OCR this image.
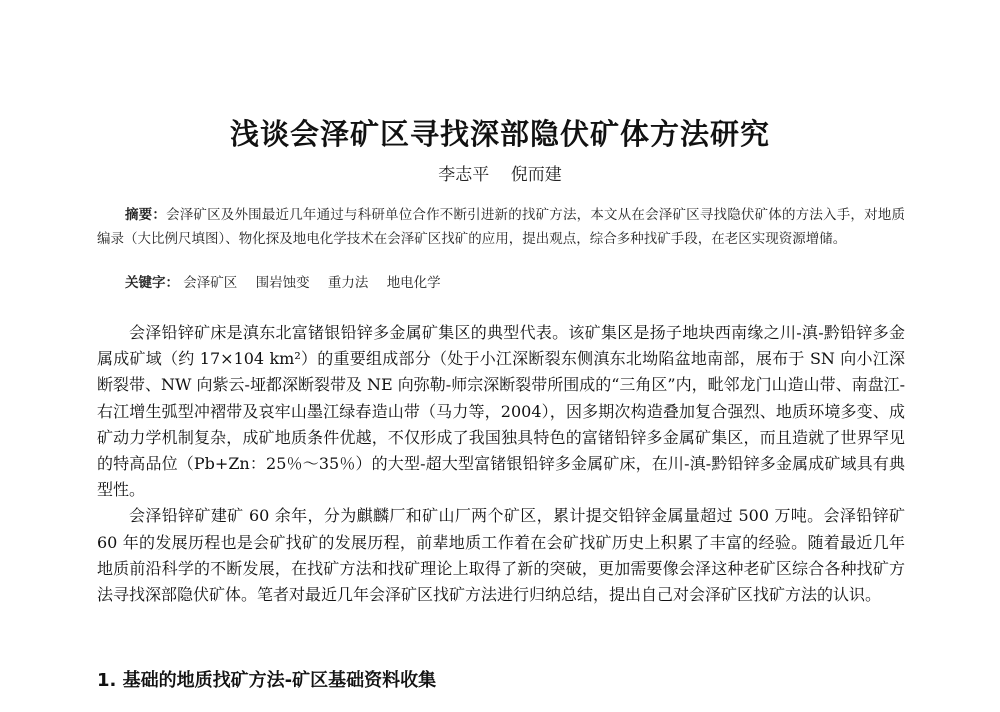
浅谈会泽矿区寻找深部隐伏矿体方法研究
李志平 倪而建
摘要：会泽矿区及外围最近几年通过与科研单位合作不断引进新的找矿方法，本文从在会泽矿区寻找隐伏矿体的方法入手，对地质编录（大比例尺填图）、物化探及地电化学技术在会泽矿区找矿的应用，提出观点，综合多种找矿手段，在老区实现资源增储。
关键字： 会泽矿区 围岩蚀变 重力法 地电化学

会泽铅锌矿床是滇东北富锗银铅锌多金属矿集区的典型代表。该矿集区是扬子地块西南缘之川-滇-黔铅锌多金属成矿域（约 17×104 km²）的重要组成部分（处于小江深断裂东侧滇东北坳陷盆地南部，展布于 SN 向小江深断裂带、NW 向紫云-垭都深断裂带及 NE 向弥勒-师宗深断裂带所围成的“三角区”内，毗邻龙门山造山带、南盘江-右江增生弧型冲褶带及哀牢山墨江绿春造山带（马力等，2004），因多期次构造叠加复合强烈、地质环境多变、成矿动力学机制复杂，成矿地质条件优越，不仅形成了我国独具特色的富锗铅锌多金属矿集区，而且造就了世界罕见的特高品位（Pb+Zn：25％～35％）的大型-超大型富锗银铅锌多金属矿床，在川-滇-黔铅锌多金属成矿域具有典型性。

会泽铅锌矿建矿 60 余年，分为麒麟厂和矿山厂两个矿区，累计提交铅锌金属量超过 500 万吨。会泽铅锌矿 60 年的发展历程也是会矿找矿的发展历程，前辈地质工作着在会矿找矿历史上积累了丰富的经验。随着最近几年地质前沿科学的不断发展，在找矿方法和找矿理论上取得了新的突破，更加需要像会泽这种老矿区综合各种找矿方法寻找深部隐伏矿体。笔者对最近几年会泽矿区找矿方法进行归纳总结，提出自己对会泽矿区找矿方法的认识。

1. 基础的地质找矿方法-矿区基础资料收集
